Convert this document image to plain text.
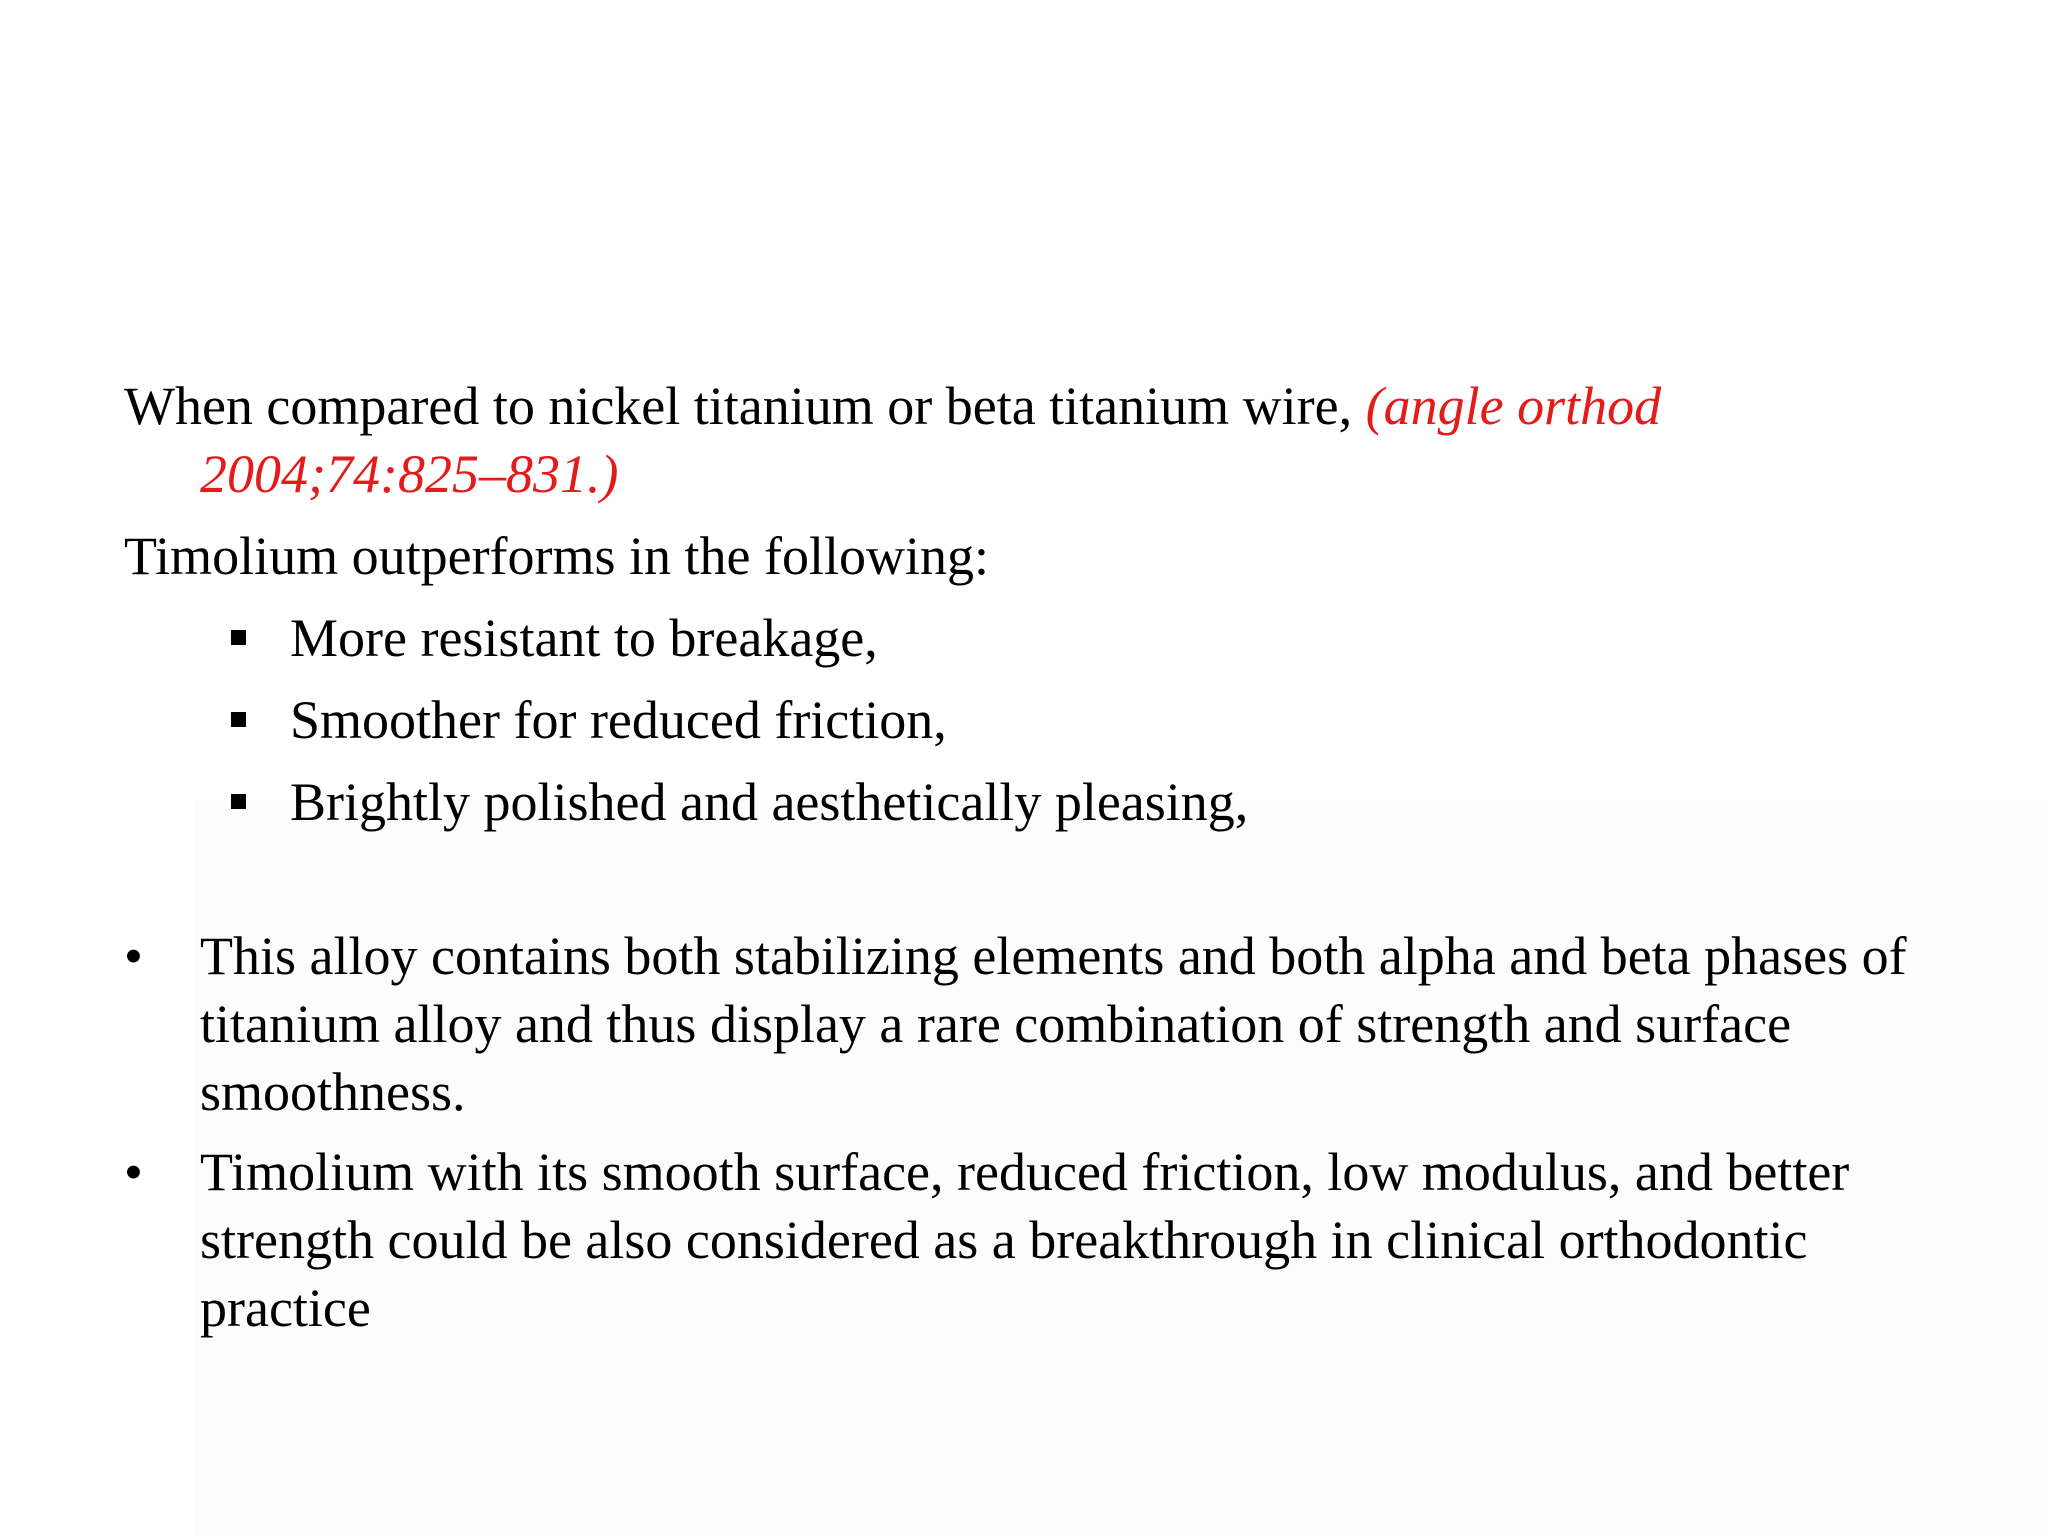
When compared to nickel titanium or beta titanium wire, (angle orthod 2004;74:825–831.)

Timolium outperforms in the following:

More resistant to breakage,
Smoother for reduced friction,
Brightly polished and aesthetically pleasing,
• This alloy contains both stabilizing elements and both alpha and beta phases of titanium alloy and thus display a rare combination of strength and surface smoothness.
• Timolium with its smooth surface, reduced friction, low modulus, and better strength could be also considered as a breakthrough in clinical orthodontic practice
